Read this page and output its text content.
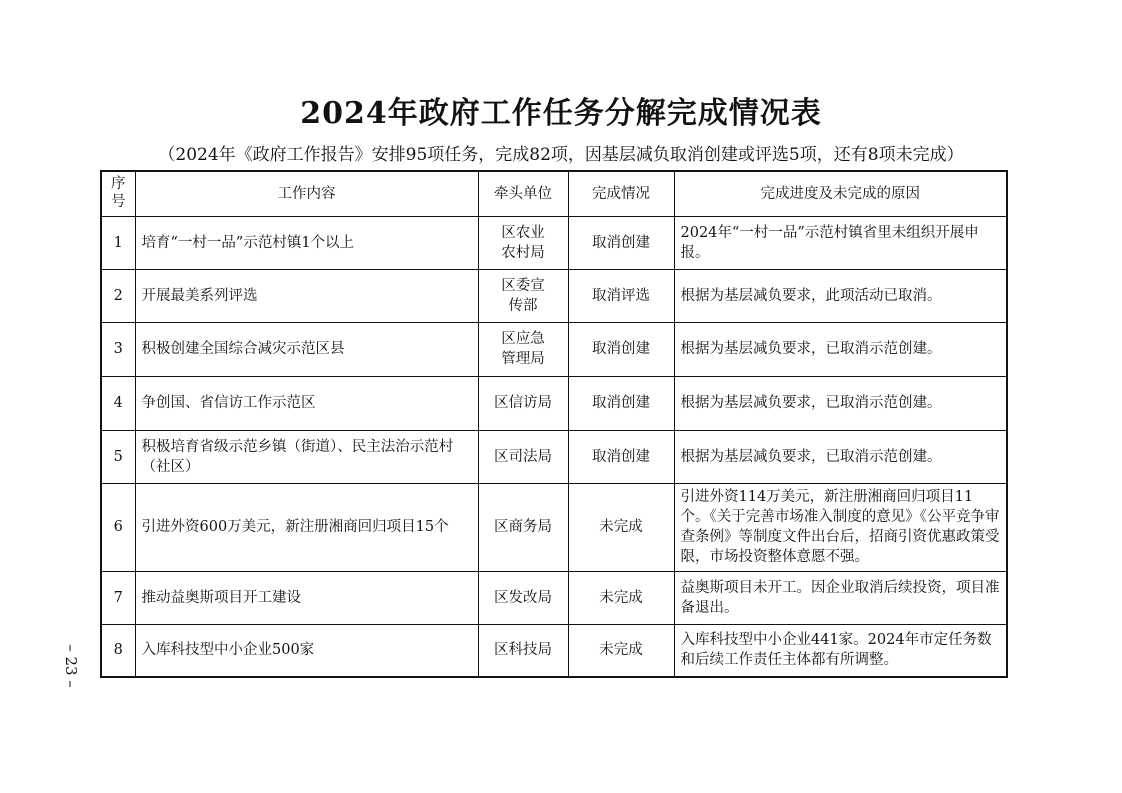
2024年政府工作任务分解完成情况表
（2024年《政府工作报告》安排95项任务，完成82项，因基层减负取消创建或评选5项，还有8项未完成）
序号	工作内容	牵头单位	完成情况	完成进度及未完成的原因
1	培育“一村一品”示范村镇1个以上	区农业农村局	取消创建	2024年“一村一品”示范村镇省里未组织开展申报。
2	开展最美系列评选	区委宣传部	取消评选	根据为基层减负要求，此项活动已取消。
3	积极创建全国综合减灾示范区县	区应急管理局	取消创建	根据为基层减负要求，已取消示范创建。
4	争创国、省信访工作示范区	区信访局	取消创建	根据为基层减负要求，已取消示范创建。
5	积极培育省级示范乡镇（街道）、民主法治示范村（社区）	区司法局	取消创建	根据为基层减负要求，已取消示范创建。
6	引进外资600万美元，新注册湘商回归项目15个	区商务局	未完成	引进外资114万美元，新注册湘商回归项目11个。《关于完善市场准入制度的意见》《公平竞争审查条例》等制度文件出台后，招商引资优惠政策受限，市场投资整体意愿不强。
7	推动益奥斯项目开工建设	区发改局	未完成	益奥斯项目未开工。因企业取消后续投资，项目准备退出。
8	入库科技型中小企业500家	区科技局	未完成	入库科技型中小企业441家。2024年市定任务数和后续工作责任主体都有所调整。
– 23 –
